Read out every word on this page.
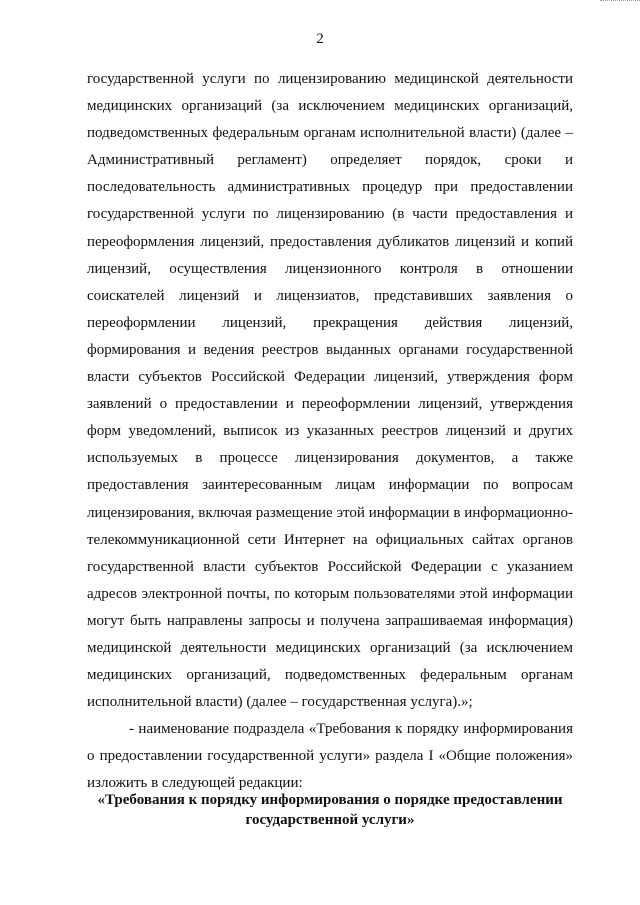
2

государственной услуги по лицензированию медицинской деятельности медицинских организаций (за исключением медицинских организаций, подведомственных федеральным органам исполнительной власти) (далее – Административный регламент) определяет порядок, сроки и последовательность административных процедур при предоставлении государственной услуги по лицензированию (в части предоставления и переоформления лицензий, предоставления дубликатов лицензий и копий лицензий, осуществления лицензионного контроля в отношении соискателей лицензий и лицензиатов, представивших заявления о переоформлении лицензий, прекращения действия лицензий, формирования и ведения реестров выданных органами государственной власти субъектов Российской Федерации лицензий, утверждения форм заявлений о предоставлении и переоформлении лицензий, утверждения форм уведомлений, выписок из указанных реестров лицензий и других используемых в процессе лицензирования документов, а также предоставления заинтересованным лицам информации по вопросам лицензирования, включая размещение этой информации в информационно-телекоммуникационной сети Интернет на официальных сайтах органов государственной власти субъектов Российской Федерации с указанием адресов электронной почты, по которым пользователями этой информации могут быть направлены запросы и получена запрашиваемая информация) медицинской деятельности медицинских организаций (за исключением медицинских организаций, подведомственных федеральным органам исполнительной власти) (далее – государственная услуга).»;

- наименование подраздела «Требования к порядку информирования о предоставлении государственной услуги» раздела I «Общие положения» изложить в следующей редакции:

«Требования к порядку информирования о порядке предоставлении государственной услуги»
